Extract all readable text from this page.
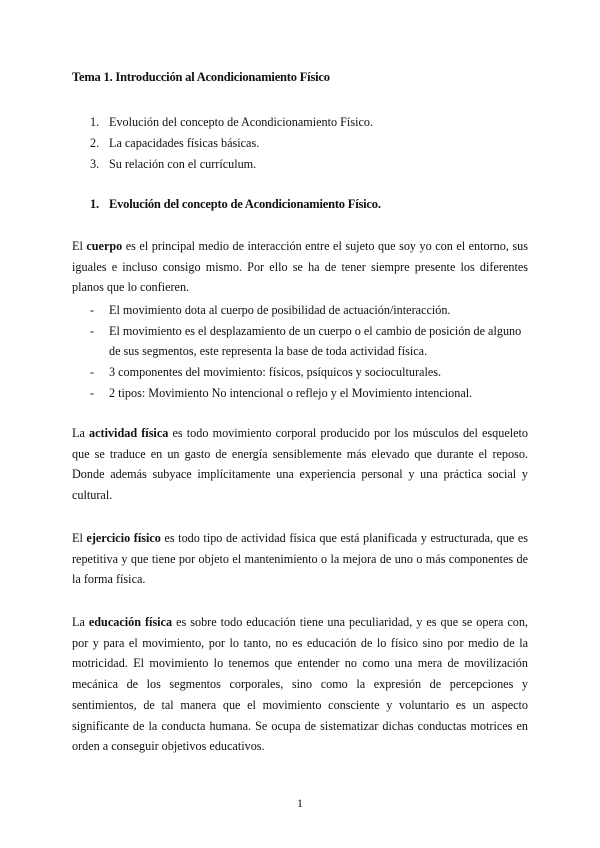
Tema 1. Introducción al Acondicionamiento Físico
1. Evolución del concepto de Acondicionamiento Físico.
2. La capacidades físicas básicas.
3. Su relación con el currículum.
1. Evolución del concepto de Acondicionamiento Físico.

El cuerpo es el principal medio de interacción entre el sujeto que soy yo con el entorno, sus iguales e incluso consigo mismo. Por ello se ha de tener siempre presente los diferentes planos que lo confieren.

- El movimiento dota al cuerpo de posibilidad de actuación/interacción.
- El movimiento es el desplazamiento de un cuerpo o el cambio de posición de alguno de sus segmentos, este representa la base de toda actividad física.
- 3 componentes del movimiento: físicos, psíquicos y socioculturales.
- 2 tipos: Movimiento No intencional o reflejo y el Movimiento intencional.

La actividad física es todo movimiento corporal producido por los músculos del esqueleto que se traduce en un gasto de energía sensiblemente más elevado que durante el reposo. Donde además subyace implícitamente una experiencia personal y una práctica social y cultural.

El ejercicio físico es todo tipo de actividad física que está planificada y estructurada, que es repetitiva y que tiene por objeto el mantenimiento o la mejora de uno o más componentes de la forma física.

La educación física es sobre todo educación tiene una peculiaridad, y es que se opera con, por y para el movimiento, por lo tanto, no es educación de lo físico sino por medio de la motricidad. El movimiento lo tenemos que entender no como una mera de movilización mecánica de los segmentos corporales, sino como la expresión de percepciones y sentimientos, de tal manera que el movimiento consciente y voluntario es un aspecto significante de la conducta humana. Se ocupa de sistematizar dichas conductas motrices en orden a conseguir objetivos educativos.

1
